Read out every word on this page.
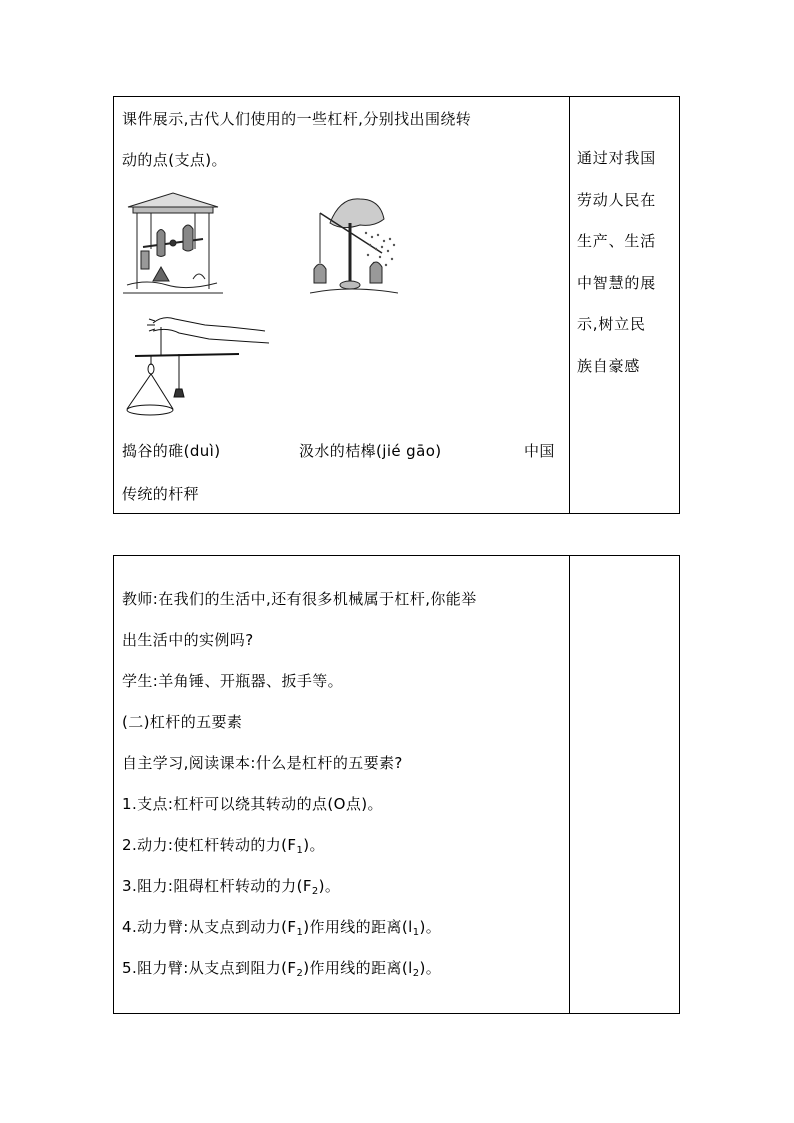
课件展示,古代人们使用的一些杠杆,分别找出围绕转
动的点(支点)。
捣谷的碓(duì)	汲水的桔槔(jié gāo)	中国
传统的杆秤
通过对我国
劳动人民在
生产、生活
中智慧的展
示,树立民
族自豪感
教师:在我们的生活中,还有很多机械属于杠杆,你能举
出生活中的实例吗?
学生:羊角锤、开瓶器、扳手等。
(二)杠杆的五要素
自主学习,阅读课本:什么是杠杆的五要素?
1.支点:杠杆可以绕其转动的点(O点)。
2.动力:使杠杆转动的力$(F_1)$。
3.阻力:阻碍杠杆转动的力$(F_2)$。
4.动力臂:从支点到动力$(F_1)$作用线的距离$(l_1)$。
5.阻力臂:从支点到阻力$(F_2)$作用线的距离$(l_2)$。
